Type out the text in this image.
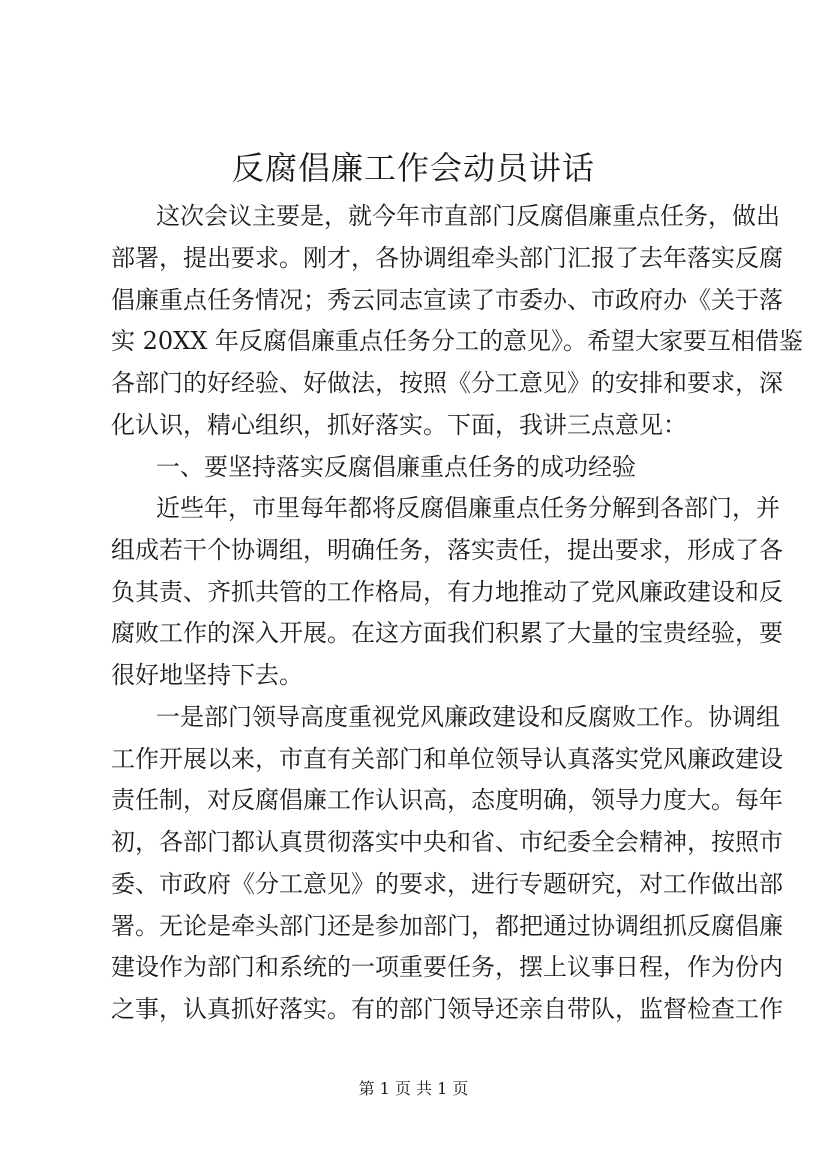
反腐倡廉工作会动员讲话

这次会议主要是，就今年市直部门反腐倡廉重点任务，做出

部署，提出要求。刚才，各协调组牵头部门汇报了去年落实反腐

倡廉重点任务情况；秀云同志宣读了市委办、市政府办《关于落

实 20XX 年反腐倡廉重点任务分工的意见》。希望大家要互相借鉴

各部门的好经验、好做法，按照《分工意见》的安排和要求，深

化认识，精心组织，抓好落实。下面，我讲三点意见：

一、要坚持落实反腐倡廉重点任务的成功经验

近些年，市里每年都将反腐倡廉重点任务分解到各部门，并

组成若干个协调组，明确任务，落实责任，提出要求，形成了各

负其责、齐抓共管的工作格局，有力地推动了党风廉政建设和反

腐败工作的深入开展。在这方面我们积累了大量的宝贵经验，要

很好地坚持下去。

一是部门领导高度重视党风廉政建设和反腐败工作。协调组

工作开展以来，市直有关部门和单位领导认真落实党风廉政建设

责任制，对反腐倡廉工作认识高，态度明确，领导力度大。每年

初，各部门都认真贯彻落实中央和省、市纪委全会精神，按照市

委、市政府《分工意见》的要求，进行专题研究，对工作做出部

署。无论是牵头部门还是参加部门，都把通过协调组抓反腐倡廉

建设作为部门和系统的一项重要任务，摆上议事日程，作为份内

之事，认真抓好落实。有的部门领导还亲自带队，监督检查工作

第 1 页 共 1 页
